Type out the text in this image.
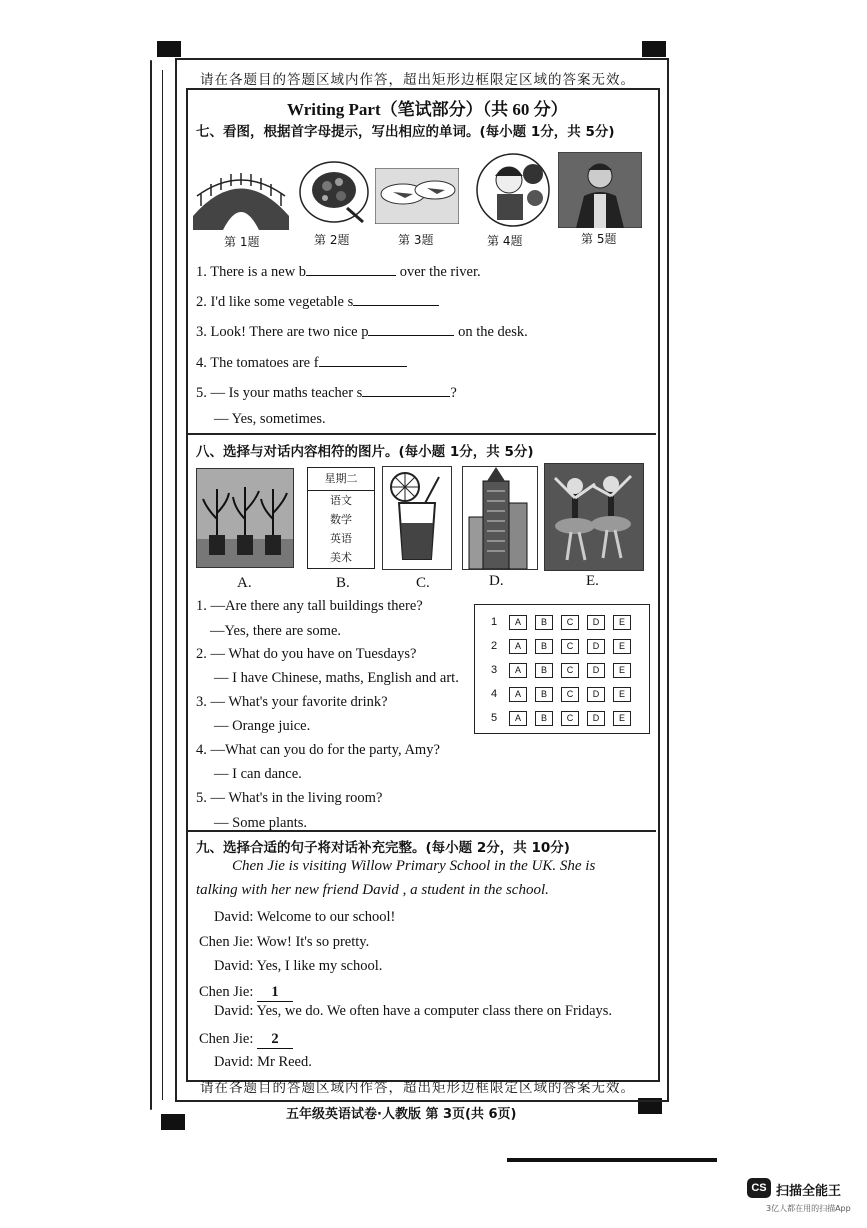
请在各题目的答题区域内作答，超出矩形边框限定区域的答案无效。
Writing Part（笔试部分）（共 60 分）
七、看图，根据首字母提示，写出相应的单词。(每小题 1分，共 5分)
第 1题	第 2题	第 3题	第 4题	第 5题
1. There is a new b	over the river.
2. I'd like some vegetable s
3. Look! There are two nice p	on the desk.
4. The tomatoes are f
5. — Is your maths teacher s	?
— Yes, sometimes.
八、选择与对话内容相符的图片。(每小题 1分，共 5分)
星期二
语文
数学
英语
美术
A.	B.	C.	D.	E.
1. —Are there any tall buildings there?
—Yes, there are some.
2. — What do you have on Tuesdays?
— I have Chinese, maths, English and art.
3. — What's your favorite drink?
— Orange juice.
4. —What can you do for the party, Amy?
— I can dance.
5. — What's in the living room?
— Some plants.
1	A	B	C	D	E
2	A	B	C	D	E
3	A	B	C	D	E
4	A	B	C	D	E
5	A	B	C	D	E
九、选择合适的句子将对话补充完整。(每小题 2分，共 10分)
Chen Jie is visiting Willow Primary School in the UK. She is
talking with her new friend David , a student in the school.
David: Welcome to our school!
Chen Jie: Wow! It's so pretty.
David: Yes, I like my school.
Chen Jie: 1
David: Yes, we do. We often have a computer class there on Fridays.
Chen Jie: 2
David: Mr Reed.
请在各题目的答题区域内作答，超出矩形边框限定区域的答案无效。
五年级英语试卷·人教版 第 3页(共 6页)
CS 扫描全能王
3亿人都在用的扫描App
